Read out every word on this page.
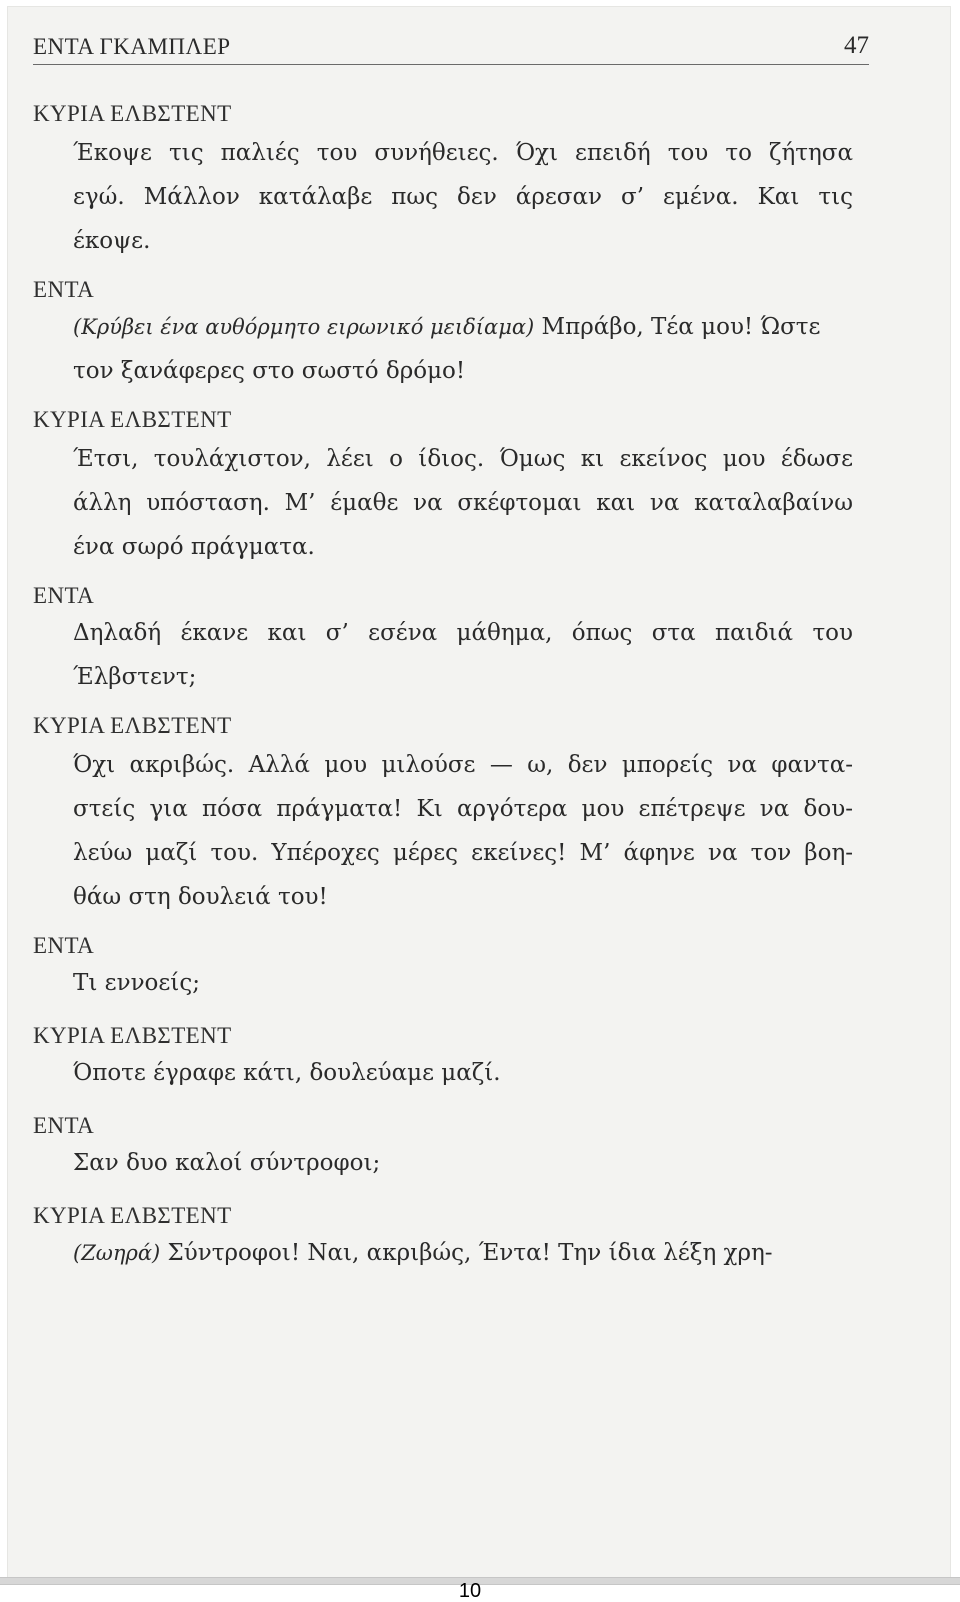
ΕΝΤΑ ΓΚΑΜΠΛΕΡ	47
ΚΥΡΙΑ ΕΛΒΣΤΕΝΤ
Έκοψε τις παλιές του συνήθειες. Όχι επειδή του το ζήτησα
εγώ. Μάλλον κατάλαβε πως δεν άρεσαν σ’ εμένα. Και τις
έκοψε.
ΕΝΤΑ
(Κρύβει ένα αυθόρμητο ειρωνικό μειδίαμα) Μπράβο, Τέα μου! Ώστε
τον ξανάφερες στο σωστό δρόμο!
ΚΥΡΙΑ ΕΛΒΣΤΕΝΤ
Έτσι, τουλάχιστον, λέει ο ίδιος. Όμως κι εκείνος μου έδωσε
άλλη υπόσταση. Μ’ έμαθε να σκέφτομαι και να καταλαβαίνω
ένα σωρό πράγματα.
ΕΝΤΑ
Δηλαδή έκανε και σ’ εσένα μάθημα, όπως στα παιδιά του
Έλβστεντ;
ΚΥΡΙΑ ΕΛΒΣΤΕΝΤ
Όχι ακριβώς. Αλλά μου μιλούσε — ω, δεν μπορείς να φαντα-
στείς για πόσα πράγματα! Κι αργότερα μου επέτρεψε να δου-
λεύω μαζί του. Υπέροχες μέρες εκείνες! Μ’ άφηνε να τον βοη-
θάω στη δουλειά του!
ΕΝΤΑ
Τι εννοείς;
ΚΥΡΙΑ ΕΛΒΣΤΕΝΤ
Όποτε έγραφε κάτι, δουλεύαμε μαζί.
ΕΝΤΑ
Σαν δυο καλοί σύντροφοι;
ΚΥΡΙΑ ΕΛΒΣΤΕΝΤ
(Ζωηρά) Σύντροφοι! Ναι, ακριβώς, Έντα! Την ίδια λέξη χρη-
10
